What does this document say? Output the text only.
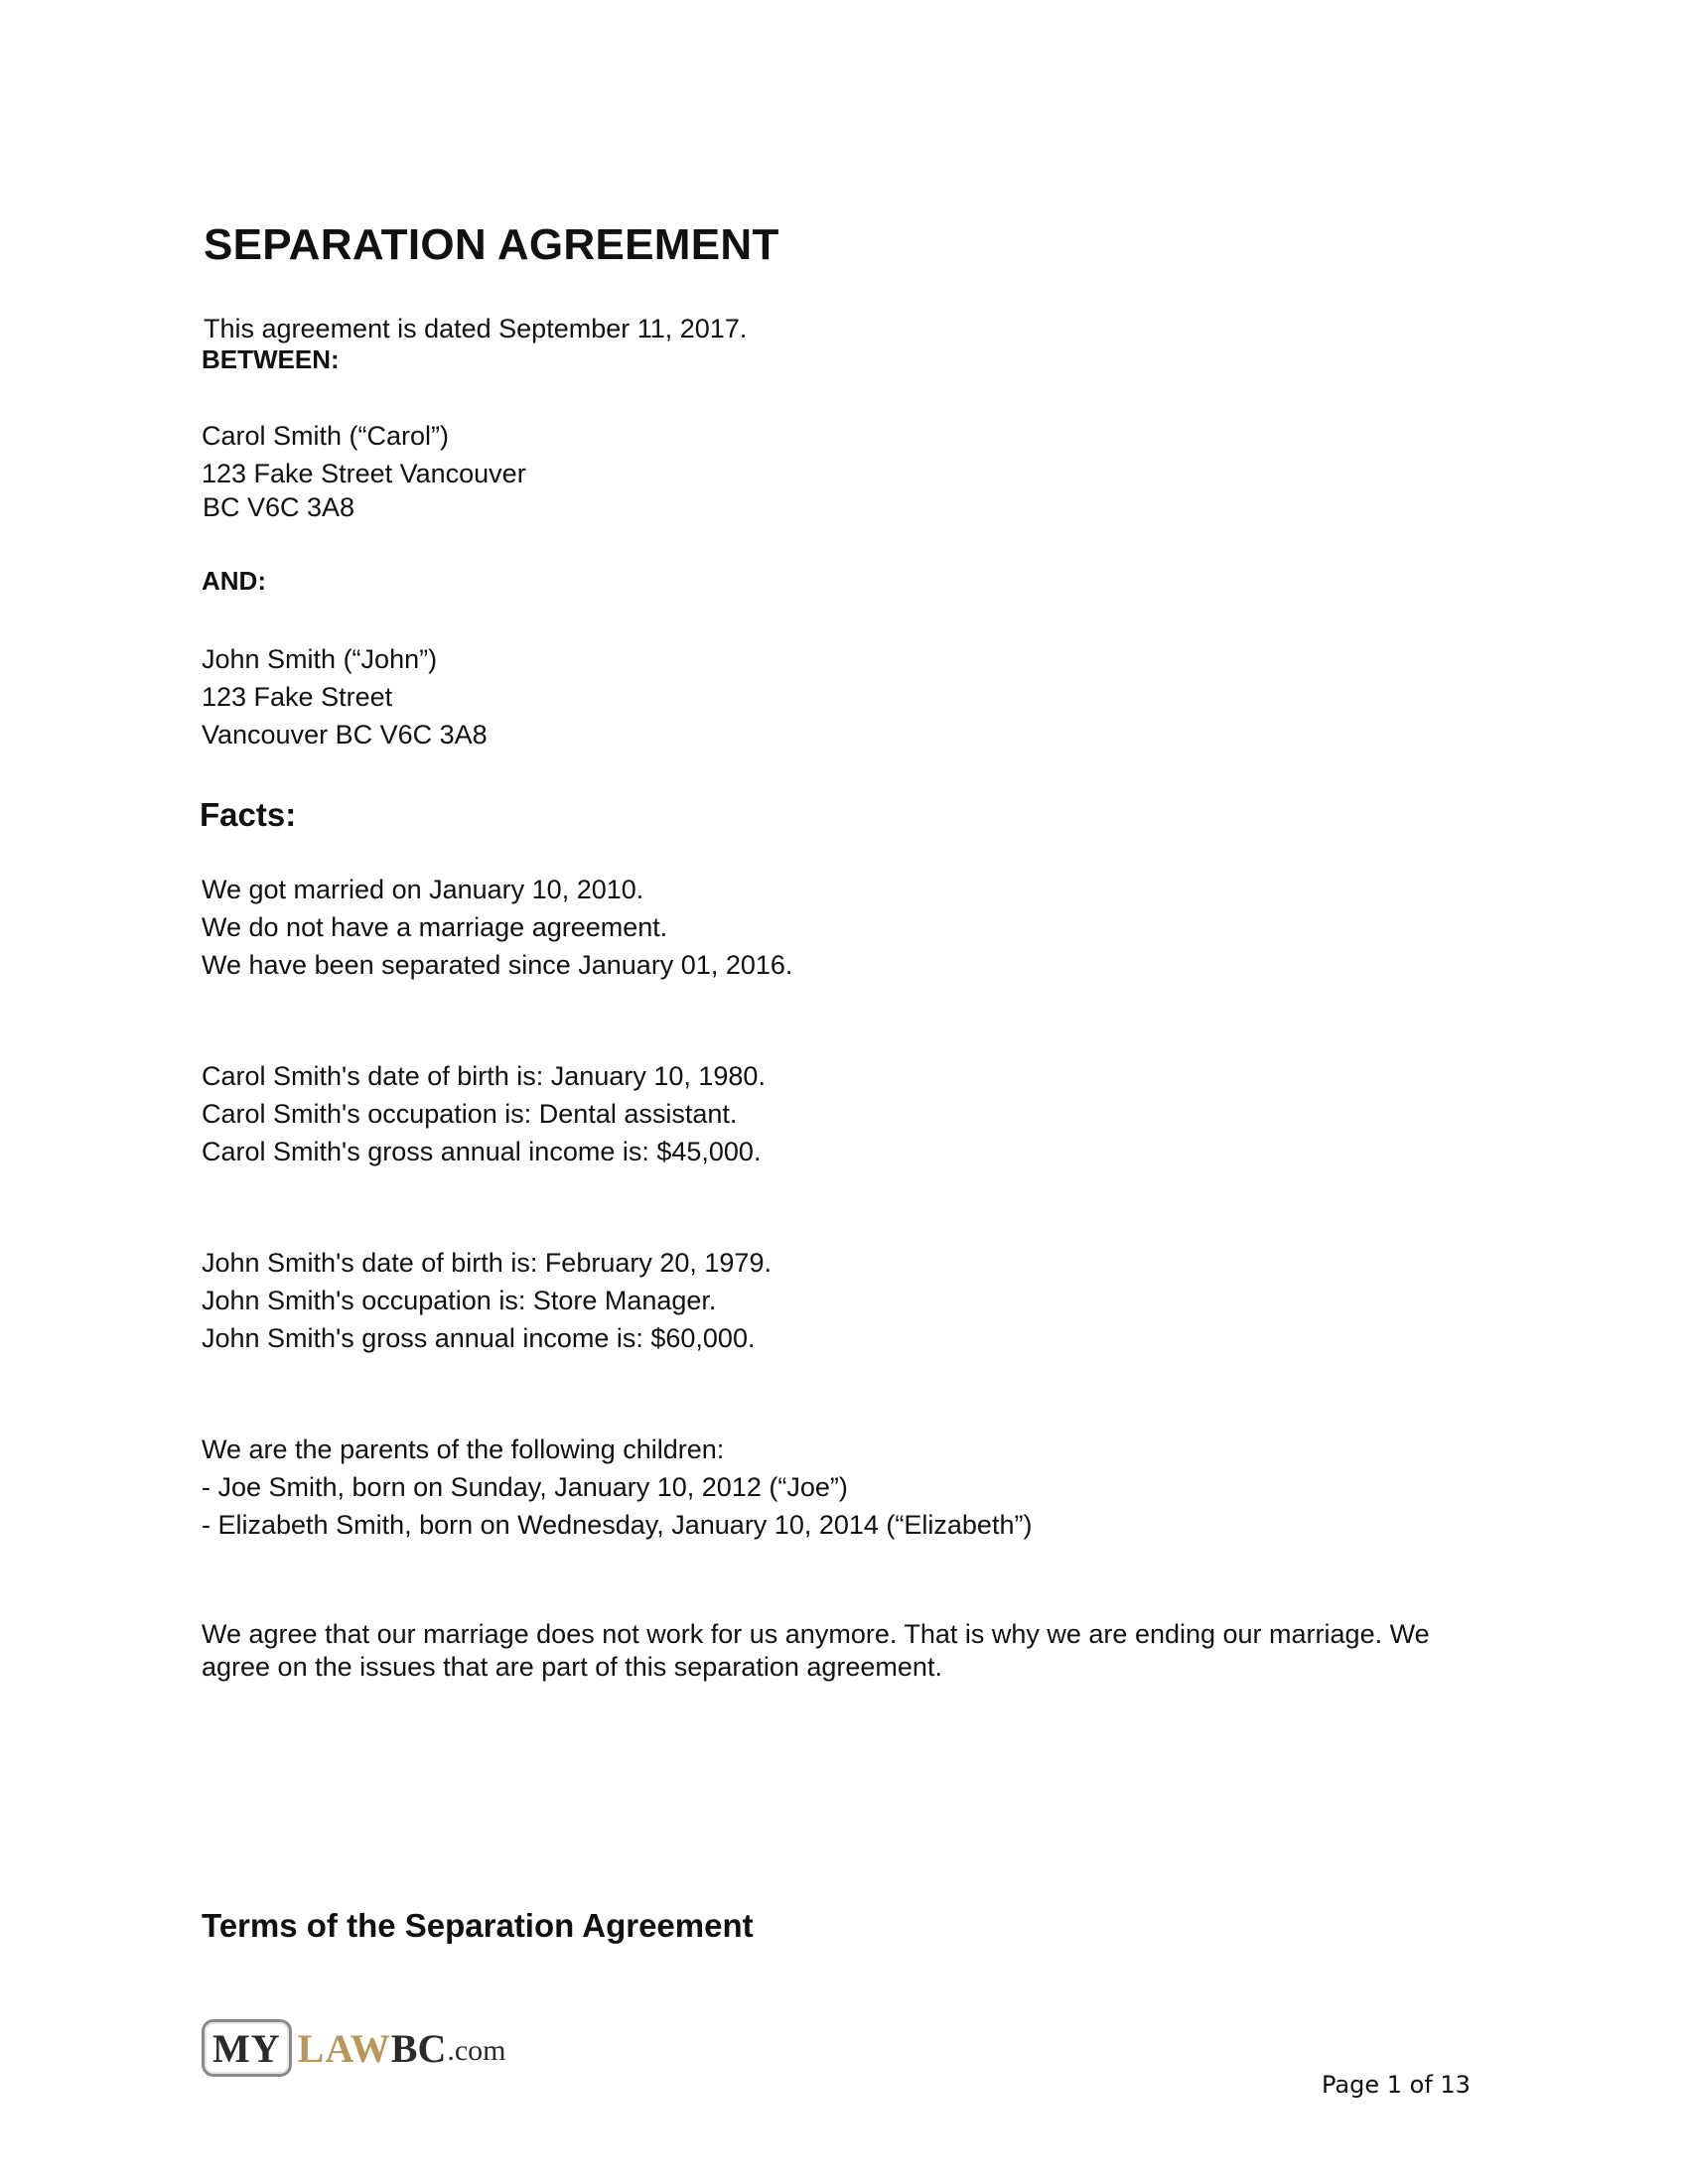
SEPARATION AGREEMENT
This agreement is dated September 11, 2017.
BETWEEN:
Carol Smith (“Carol”)
123 Fake Street Vancouver
BC V6C 3A8
AND:
John Smith (“John”)
123 Fake Street
Vancouver BC V6C 3A8
Facts:
We got married on January 10, 2010.
We do not have a marriage agreement.
We have been separated since January 01, 2016.
Carol Smith's date of birth is: January 10, 1980.
Carol Smith's occupation is: Dental assistant.
Carol Smith's gross annual income is: $45,000.
John Smith's date of birth is: February 20, 1979.
John Smith's occupation is: Store Manager.
John Smith's gross annual income is: $60,000.
We are the parents of the following children:
- Joe Smith, born on Sunday, January 10, 2012 (“Joe”)
- Elizabeth Smith, born on Wednesday, January 10, 2014 (“Elizabeth”)
We agree that our marriage does not work for us anymore. That is why we are ending our marriage. We agree on the issues that are part of this separation agreement.
Terms of the Separation Agreement
MY LAW BC .com
Page 1 of 13
